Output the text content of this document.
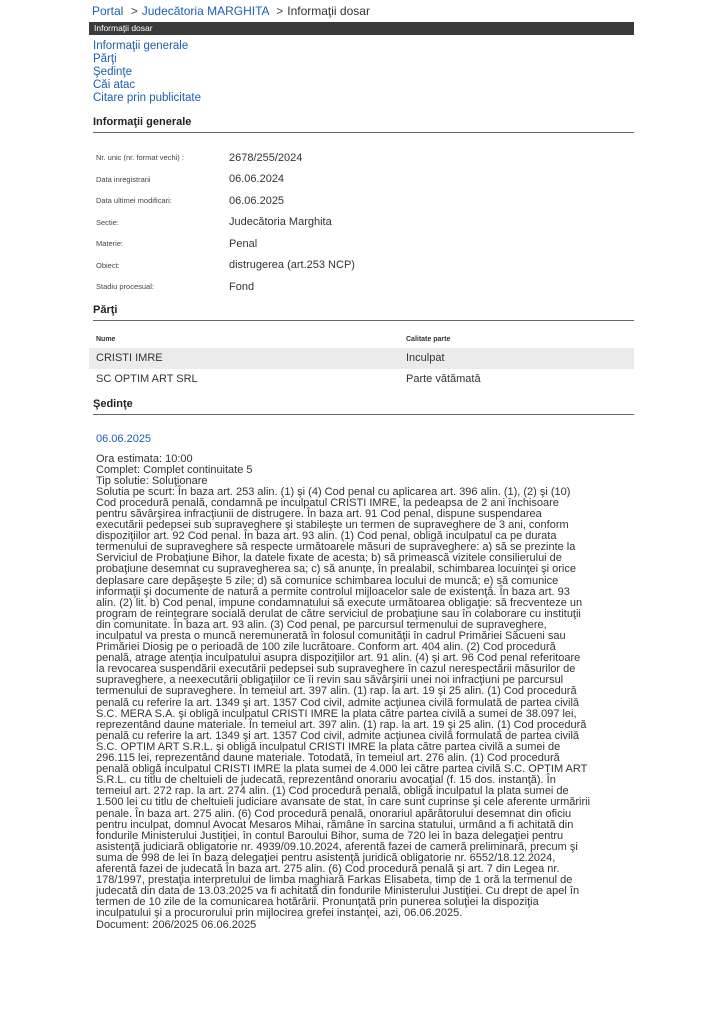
Portal > Judecătoria MARGHITA > Informaţii dosar
Informaţii dosar
Informaţii generale
Părţi
Şedinţe
Căi atac
Citare prin publicitate
Informaţii generale
Nr. unic (nr. format vechi) :	2678/255/2024
Data inregistrarii	06.06.2024
Data ultimei modificari:	06.06.2025
Sectie:	Judecătoria Marghita
Materie:	Penal
Obiect:	distrugerea (art.253 NCP)
Stadiu procesual:	Fond
Părţi
Nume	Calitate parte
CRISTI IMRE	Inculpat
SC OPTIM ART SRL	Parte vătămată
Şedinţe
06.06.2025
Ora estimata: 10:00
Complet: Complet continuitate 5
Tip solutie: Soluţionare
Solutia pe scurt: În baza art. 253 alin. (1) şi (4) Cod penal cu aplicarea art. 396 alin. (1), (2) şi (10)
Cod procedură penală, condamnă pe inculpatul CRISTI IMRE, la pedeapsa de 2 ani închisoare
pentru săvârşirea infracţiunii de distrugere. În baza art. 91 Cod penal, dispune suspendarea
executării pedepsei sub supraveghere şi stabileşte un termen de supraveghere de 3 ani, conform
dispoziţiilor art. 92 Cod penal. În baza art. 93 alin. (1) Cod penal, obligă inculpatul ca pe durata
termenului de supraveghere să respecte următoarele măsuri de supraveghere: a) să se prezinte la
Serviciul de Probaţiune Bihor, la datele fixate de acesta; b) să primească vizitele consilierului de
probaţiune desemnat cu supravegherea sa; c) să anunţe, în prealabil, schimbarea locuinţei şi orice
deplasare care depăşeşte 5 zile; d) să comunice schimbarea locului de muncă; e) să comunice
informaţii şi documente de natură a permite controlul mijloacelor sale de existenţă. În baza art. 93
alin. (2) lit. b) Cod penal, impune condamnatului să execute următoarea obligaţie: să frecventeze un
program de reintegrare socială derulat de către serviciul de probaţiune sau în colaborare cu instituţii
din comunitate. În baza art. 93 alin. (3) Cod penal, pe parcursul termenului de supraveghere,
inculpatul va presta o muncă neremunerată în folosul comunităţii în cadrul Primăriei Săcueni sau
Primăriei Diosig pe o perioadă de 100 zile lucrătoare. Conform art. 404 alin. (2) Cod procedură
penală, atrage atenţia inculpatului asupra dispoziţiilor art. 91 alin. (4) şi art. 96 Cod penal referitoare
la revocarea suspendării executării pedepsei sub supraveghere în cazul nerespectării măsurilor de
supraveghere, a neexecutării obligaţiilor ce îi revin sau săvârşirii unei noi infracţiuni pe parcursul
termenului de supraveghere. În temeiul art. 397 alin. (1) rap. la art. 19 şi 25 alin. (1) Cod procedură
penală cu referire la art. 1349 şi art. 1357 Cod civil, admite acţiunea civilă formulată de partea civilă
S.C. MERA S.A. şi obligă inculpatul CRISTI IMRE la plata către partea civilă a sumei de 38.097 lei,
reprezentând daune materiale. În temeiul art. 397 alin. (1) rap. la art. 19 şi 25 alin. (1) Cod procedură
penală cu referire la art. 1349 şi art. 1357 Cod civil, admite acţiunea civilă formulată de partea civilă
S.C. OPTIM ART S.R.L. şi obligă inculpatul CRISTI IMRE la plata către partea civilă a sumei de
296.115 lei, reprezentând daune materiale. Totodată, în temeiul art. 276 alin. (1) Cod procedură
penală obligă inculpatul CRISTI IMRE la plata sumei de 4.000 lei către partea civilă S.C. OPTIM ART
S.R.L. cu titlu de cheltuieli de judecată, reprezentând onorariu avocaţial (f. 15 dos. instanţă). În
temeiul art. 272 rap. la art. 274 alin. (1) Cod procedură penală, obligă inculpatul la plata sumei de
1.500 lei cu titlu de cheltuieli judiciare avansate de stat, în care sunt cuprinse şi cele aferente urmăririi
penale. În baza art. 275 alin. (6) Cod procedură penală, onorariul apărătorului desemnat din oficiu
pentru inculpat, domnul Avocat Mesaros Mihai, rămâne în sarcina statului, urmând a fi achitată din
fondurile Ministerului Justiţiei, în contul Baroului Bihor, suma de 720 lei în baza delegaţiei pentru
asistenţă judiciară obligatorie nr. 4939/09.10.2024, aferentă fazei de cameră preliminară, precum şi
suma de 998 de lei în baza delegaţiei pentru asistenţă juridică obligatorie nr. 6552/18.12.2024,
aferentă fazei de judecată În baza art. 275 alin. (6) Cod procedură penală şi art. 7 din Legea nr.
178/1997, prestaţia interpretului de limba maghiară Farkas Elisabeta, timp de 1 oră la termenul de
judecată din data de 13.03.2025 va fi achitată din fondurile Ministerului Justiţiei. Cu drept de apel în
termen de 10 zile de la comunicarea hotărârii. Pronunţată prin punerea soluţiei la dispoziţia
inculpatului şi a procurorului prin mijlocirea grefei instanţei, azi, 06.06.2025.
Document: 206/2025 06.06.2025
